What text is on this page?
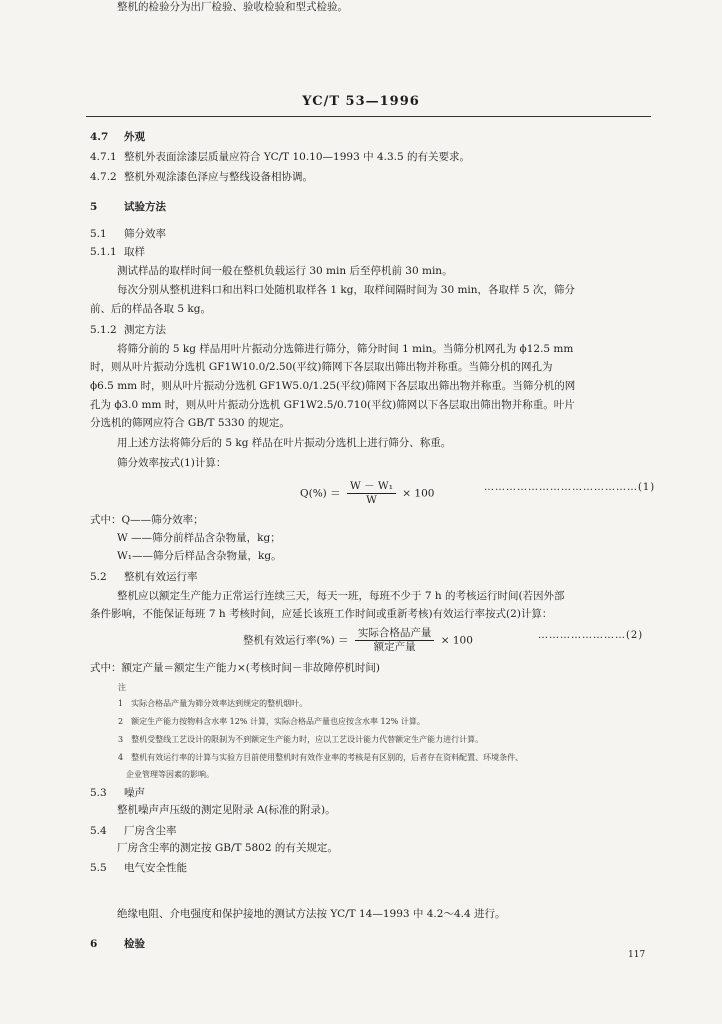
YC/T 53—1996
4.7 外观
4.7.1 整机外表面涂漆层质量应符合 YC/T 10.10—1993 中 4.3.5 的有关要求。
4.7.2 整机外观涂漆色泽应与整线设备相协调。
5	试验方法
5.1 筛分效率
5.1.1 取样
测试样品的取样时间一般在整机负载运行 30 min 后至停机前 30 min。
每次分别从整机进料口和出料口处随机取样各 1 kg，取样间隔时间为 30 min，各取样 5 次，筛分
前、后的样品各取 5 kg。
5.1.2 测定方法
将筛分前的 5 kg 样品用叶片振动分选筛进行筛分，筛分时间 1 min。当筛分机网孔为 ϕ12.5 mm
时，则从叶片振动分选机 GF1W10.0/2.50(平纹)筛网下各层取出筛出物并称重。当筛分机的网孔为
ϕ6.5 mm 时，则从叶片振动分选机 GF1W5.0/1.25(平纹)筛网下各层取出筛出物并称重。当筛分机的网
孔为 ϕ3.0 mm 时，则从叶片振动分选机 GF1W2.5/0.710(平纹)筛网以下各层取出筛出物并称重。叶片
分选机的筛网应符合 GB/T 5330 的规定。
用上述方法将筛分后的 5 kg 样品在叶片振动分选机上进行筛分、称重。
筛分效率按式(1)计算：
式中：Q——筛分效率；
W ——筛分前样品含杂物量，kg；
W₁——筛分后样品含杂物量，kg。
5.2 整机有效运行率
整机应以额定生产能力正常运行连续三天，每天一班，每班不少于 7 h 的考核运行时间(若因外部
条件影响，不能保证每班 7 h 考核时间，应延长该班工作时间或重新考核)有效运行率按式(2)计算：
式中：额定产量＝额定生产能力×(考核时间－非故障停机时间)
5.3 噪声
整机噪声声压级的测定见附录 A(标准的附录)。
5.4 厂房含尘率
厂房含尘率的测定按 GB/T 5802 的有关规定。
5.5 电气安全性能
绝缘电阻、介电强度和保护接地的测试方法按 YC/T 14—1993 中 4.2～4.4 进行。
6	检验
整机的检验分为出厂检验、验收检验和型式检验。
$Q(\%) = \frac{\text{W － W₁}}{W} \times 100$	……………………………………(1)
整机有效运行率(%) ＝ $\frac{\text{实际合格品产量}}{\text{额定产量}} \times 100$	……………………(2)
注
1　实际合格品产量为筛分效率达到规定的整机烟叶。
2　额定生产能力按物料含水率 12% 计算，实际合格品产量也应按含水率 12% 计算。
3　整机受整线工艺设计的限制为不到额定生产能力时，应以工艺设计能力代替额定生产能力进行计算。
4　整机有效运行率的计算与实验方目前使用整机时有效作业率的考核是有区别的，后者存在资料配置、环境条件、
　企业管理等因素的影响。
117
